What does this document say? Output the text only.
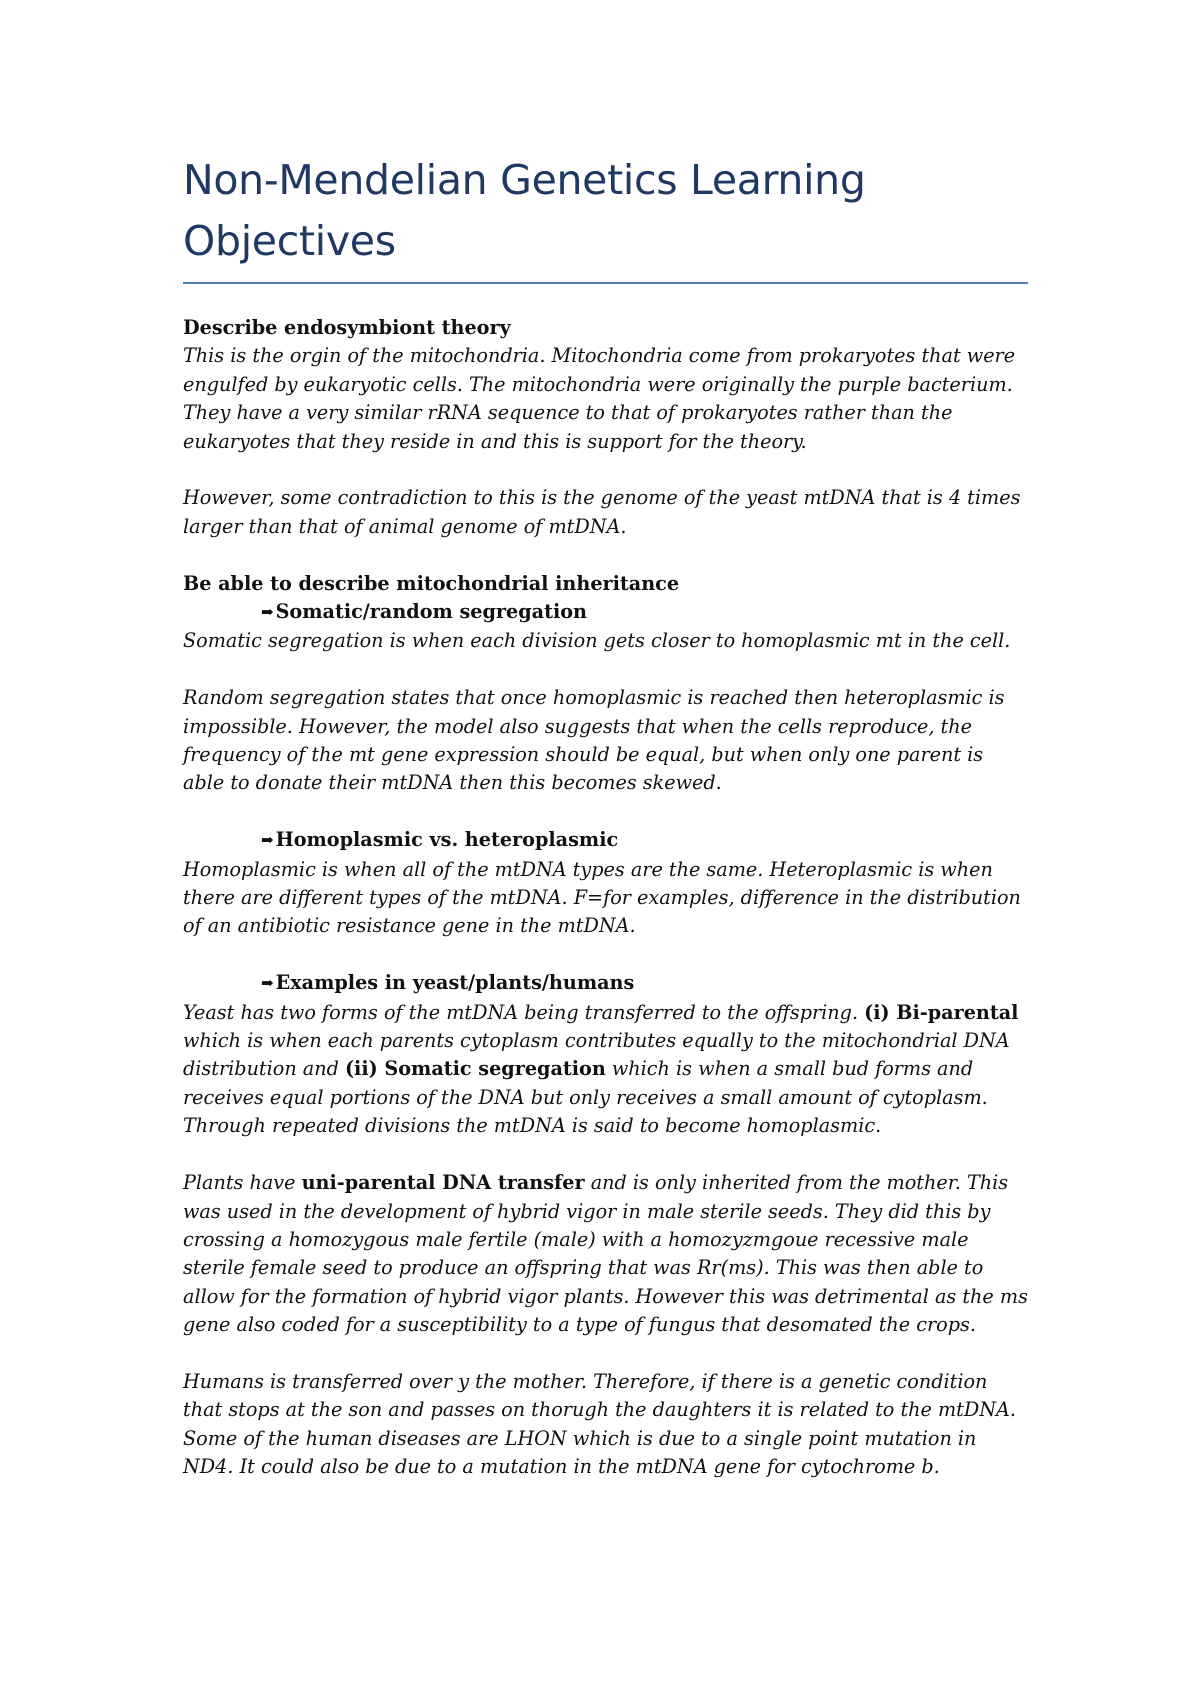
Non-Mendelian Genetics Learning Objectives
Describe endosymbiont theory

This is the orgin of the mitochondria. Mitochondria come from prokaryotes that were engulfed by eukaryotic cells. The mitochondria were originally the purple bacterium. They have a very similar rRNA sequence to that of prokaryotes rather than the eukaryotes that they reside in and this is support for the theory.

However, some contradiction to this is the genome of the yeast mtDNA that is 4 times larger than that of animal genome of mtDNA.

Be able to describe mitochondrial inheritance
➡ Somatic/random segregation

Somatic segregation is when each division gets closer to homoplasmic mt in the cell.

Random segregation states that once homoplasmic is reached then heteroplasmic is impossible. However, the model also suggests that when the cells reproduce, the frequency of the mt gene expression should be equal, but when only one parent is able to donate their mtDNA then this becomes skewed.

➡ Homoplasmic vs. heteroplasmic

Homoplasmic is when all of the mtDNA types are the same. Heteroplasmic is when there are different types of the mtDNA. F=for examples, difference in the distribution of an antibiotic resistance gene in the mtDNA.

➡ Examples in yeast/plants/humans

Yeast has two forms of the mtDNA being transferred to the offspring. (i) Bi-parental which is when each parents cytoplasm contributes equally to the mitochondrial DNA distribution and (ii) Somatic segregation which is when a small bud forms and receives equal portions of the DNA but only receives a small amount of cytoplasm. Through repeated divisions the mtDNA is said to become homoplasmic.

Plants have uni-parental DNA transfer and is only inherited from the mother. This was used in the development of hybrid vigor in male sterile seeds. They did this by crossing a homozygous male fertile (male) with a homozyzmgoue recessive male sterile female seed to produce an offspring that was Rr(ms). This was then able to allow for the formation of hybrid vigor plants. However this was detrimental as the ms gene also coded for a susceptibility to a type of fungus that desomated the crops.

Humans is transferred over y the mother. Therefore, if there is a genetic condition that stops at the son and passes on thorugh the daughters it is related to the mtDNA. Some of the human diseases are LHON which is due to a single point mutation in ND4. It could also be due to a mutation in the mtDNA gene for cytochrome b.
